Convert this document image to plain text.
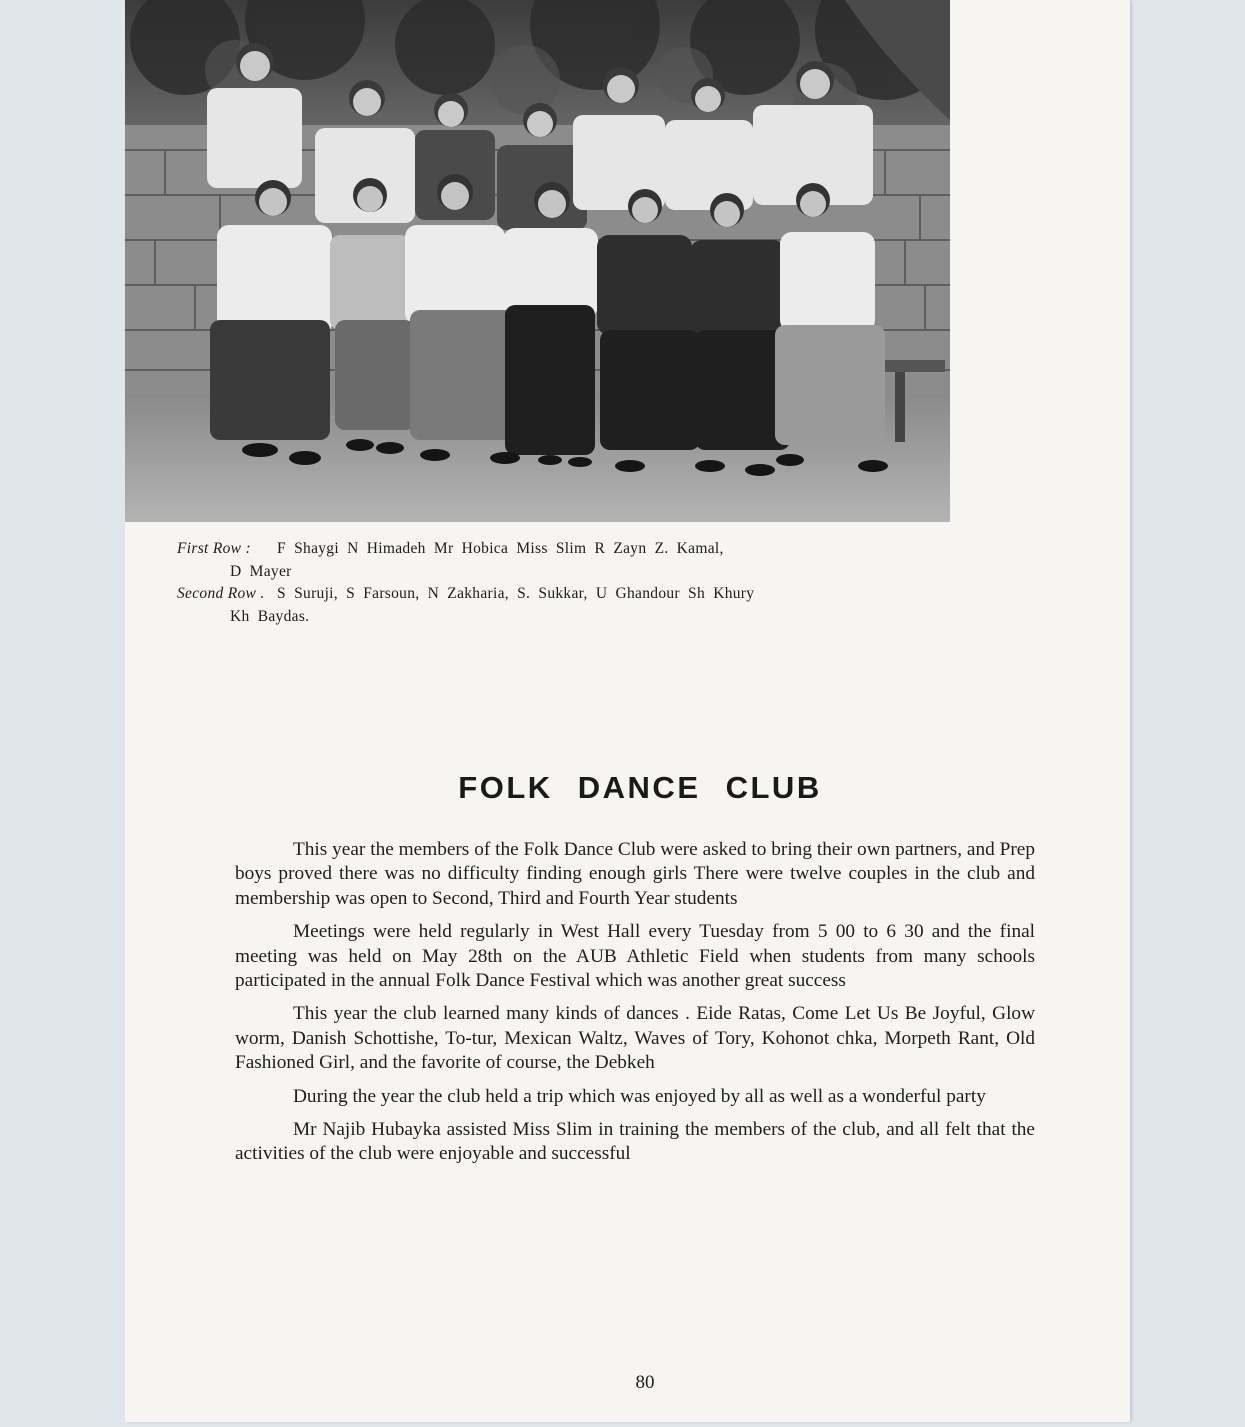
First Row : F Shaygi N Himadeh Mr Hobica Miss Slim R Zayn Z. Kamal,
D Mayer
Second Row . S Suruji, S Farsoun, N Zakharia, S. Sukkar, U Ghandour Sh Khury
Kh Baydas.
FOLK DANCE CLUB

This year the members of the Folk Dance Club were asked to bring their own partners, and Prep boys proved there was no difficulty finding enough girls There were twelve couples in the club and membership was open to Second, Third and Fourth Year students

Meetings were held regularly in West Hall every Tuesday from 5 00 to 6 30 and the final meeting was held on May 28th on the AUB Athletic Field when students from many schools participated in the annual Folk Dance Festival which was another great success

This year the club learned many kinds of dances . Eide Ratas, Come Let Us Be Joyful, Glow worm, Danish Schottishe, To-tur, Mexican Waltz, Waves of Tory, Kohonot chka, Morpeth Rant, Old Fashioned Girl, and the favorite of course, the Debkeh

During the year the club held a trip which was enjoyed by all as well as a wonderful party

Mr Najib Hubayka assisted Miss Slim in training the members of the club, and all felt that the activities of the club were enjoyable and successful

80
